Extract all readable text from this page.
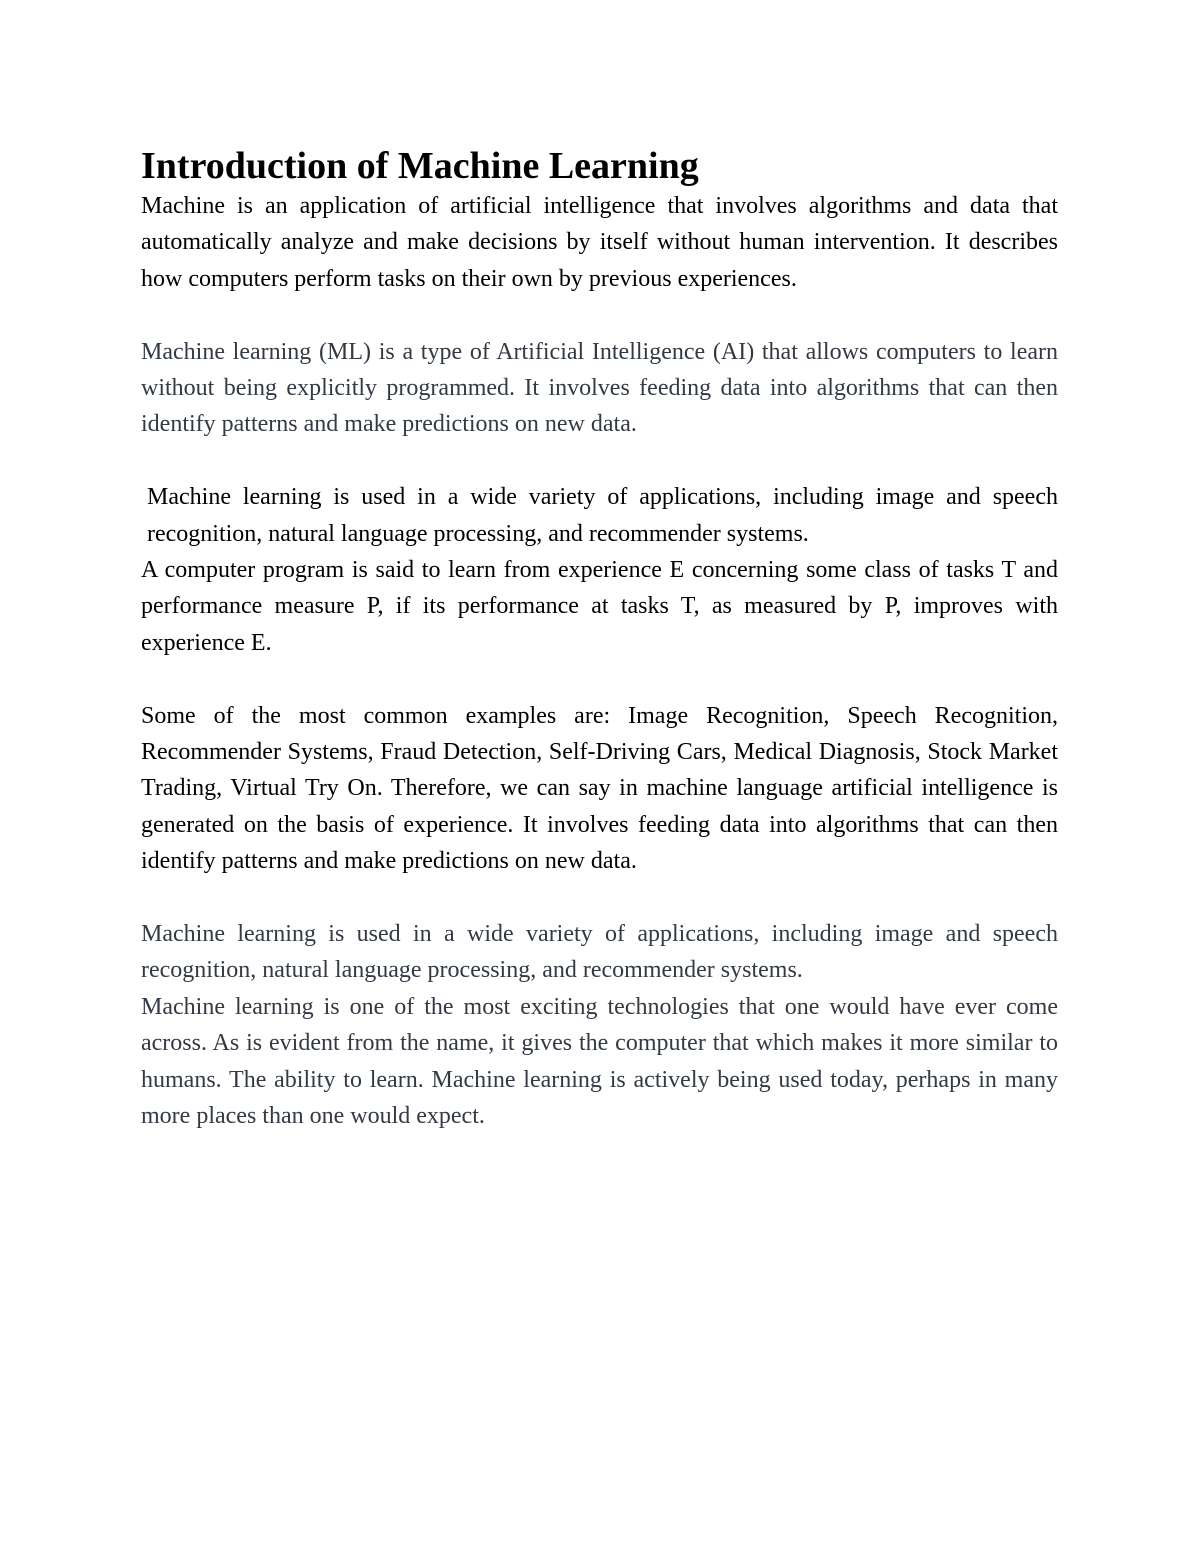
Introduction of Machine Learning

Machine is an application of artificial intelligence that involves algorithms and data that automatically analyze and make decisions by itself without human intervention. It describes how computers perform tasks on their own by previous experiences.

Machine learning (ML) is a type of Artificial Intelligence (AI) that allows computers to learn without being explicitly programmed. It involves feeding data into algorithms that can then identify patterns and make predictions on new data.

Machine learning is used in a wide variety of applications, including image and speech recognition, natural language processing, and recommender systems.

A computer program is said to learn from experience E concerning some class of tasks T and performance measure P, if its performance at tasks T, as measured by P, improves with experience E.

Some of the most common examples are: Image Recognition, Speech Recognition, Recommender Systems, Fraud Detection, Self-Driving Cars, Medical Diagnosis, Stock Market Trading, Virtual Try On. Therefore, we can say in machine language artificial intelligence is generated on the basis of experience. It involves feeding data into algorithms that can then identify patterns and make predictions on new data.

Machine learning is used in a wide variety of applications, including image and speech recognition, natural language processing, and recommender systems.

Machine learning is one of the most exciting technologies that one would have ever come across. As is evident from the name, it gives the computer that which makes it more similar to humans. The ability to learn. Machine learning is actively being used today, perhaps in many more places than one would expect.
